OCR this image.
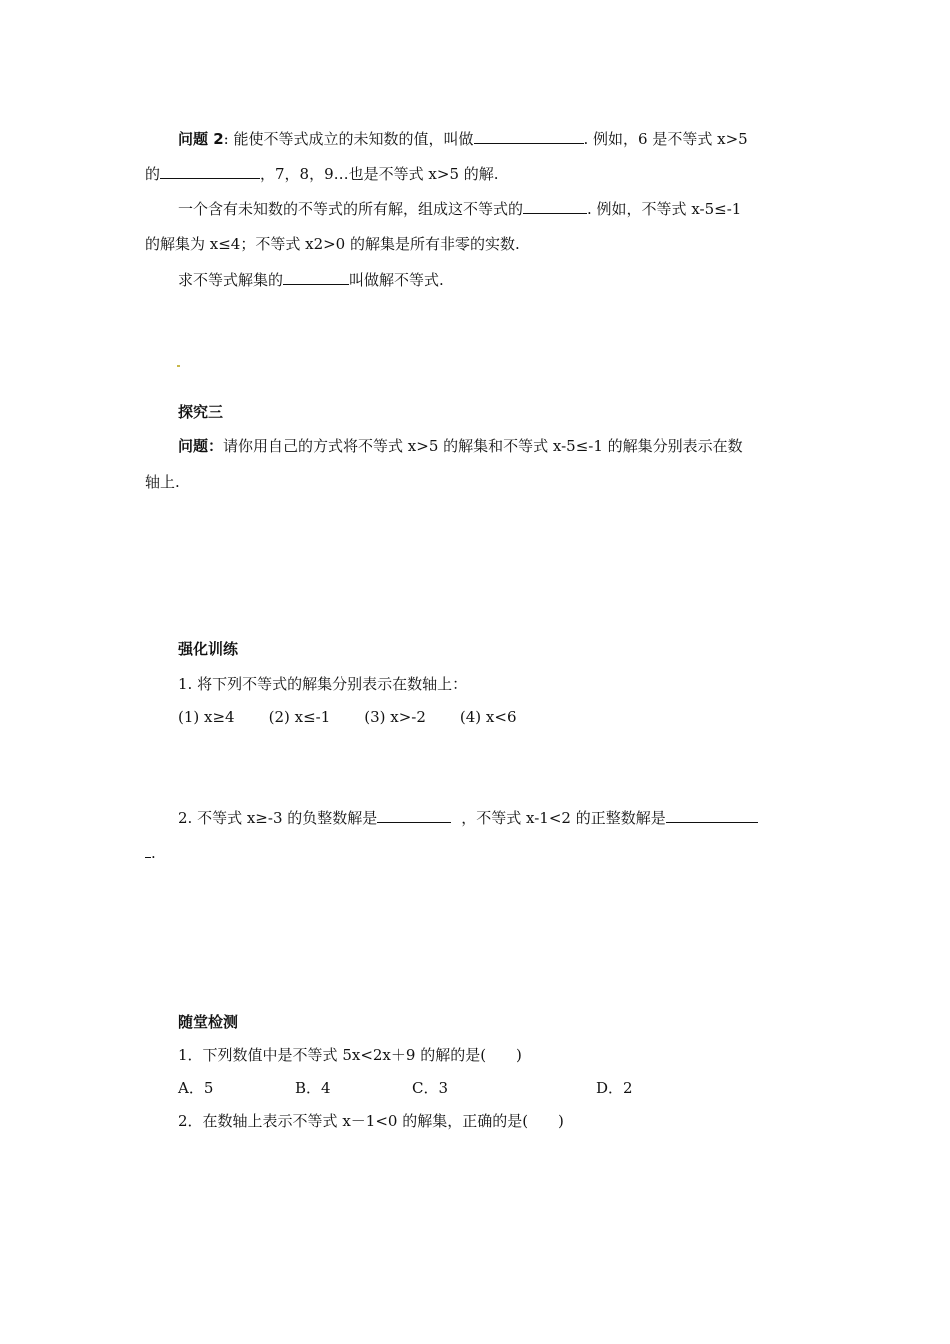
问题 2: 能使不等式成立的未知数的值，叫做	. 例如，6 是不等式 x>5
的	，7，8，9…也是不等式 x>5 的解.
一个含有未知数的不等式的所有解，组成这不等式的	. 例如，不等式 x-5≤-1
的解集为 x≤4；不等式 x2>0 的解集是所有非零的实数.
求不等式解集的	叫做解不等式.
探究三
问题：请你用自己的方式将不等式 x>5 的解集和不等式 x-5≤-1 的解集分别表示在数
轴上.
强化训练
1. 将下列不等式的解集分别表示在数轴上：
(1) x≥4 (2) x≤-1 (3) x>-2 (4) x<6
2. 不等式 x≥-3 的负整数解是	，不等式 x-1<2 的正整数解是
.
随堂检测
1．下列数值中是不等式 5x<2x＋9 的解的是(　　)
A．5	B．4	C．3	D．2
2．在数轴上表示不等式 x－1<0 的解集，正确的是(　　)
